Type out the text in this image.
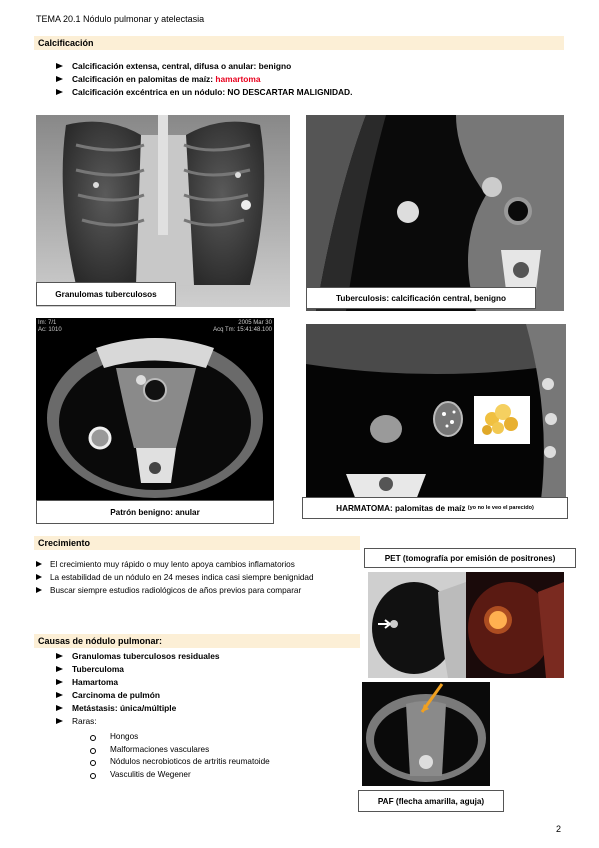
TEMA 20.1 Nódulo pulmonar y atelectasia
Calcificación
Calcificación extensa, central, difusa o anular: benigno
Calcificación en palomitas de maíz: hamartoma
Calcificación excéntrica en un nódulo: NO DESCARTAR MALIGNIDAD.
Granulomas tuberculosos	Tuberculosis: calcificación central, benigno
Im: 7/1
Ac: 1010
2005 Mar 30
Acq Tm: 15:41:48.100
Patrón benigno: anular	HARMATOMA: palomitas de maíz
(yo no le veo el parecido)
Crecimiento
El crecimiento muy rápido o muy lento apoya cambios inflamatorios
La estabilidad de un nódulo en 24 meses indica casi siempre benignidad
Buscar siempre estudios radiológicos de años previos para comparar
Causas de nódulo pulmonar:
Granulomas tuberculosos residuales
Tuberculoma
Hamartoma
Carcinoma de pulmón
Metástasis: única/múltiple
Raras:
Hongos
Malformaciones vasculares
Nódulos necrobioticos de artritis reumatoide
Vasculitis de Wegener
PET (tomografía por emisión de positrones)
PAF (flecha amarilla, aguja)
2
